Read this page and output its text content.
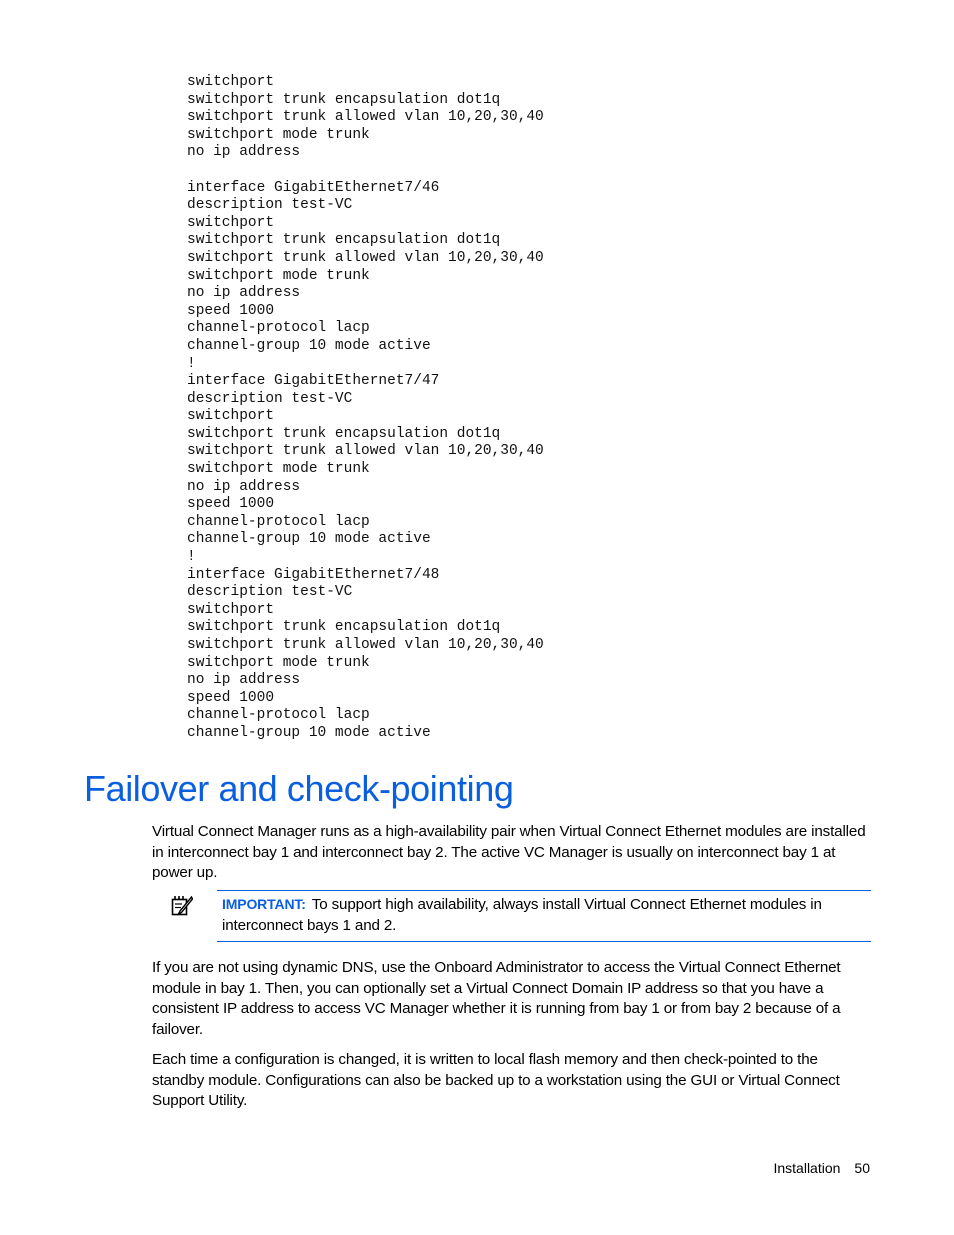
switchport
switchport trunk encapsulation dot1q
switchport trunk allowed vlan 10,20,30,40
switchport mode trunk
no ip address
interface GigabitEthernet7/46
description test-VC
switchport
switchport trunk encapsulation dot1q
switchport trunk allowed vlan 10,20,30,40
switchport mode trunk
no ip address
speed 1000
channel-protocol lacp
channel-group 10 mode active
!
interface GigabitEthernet7/47
description test-VC
switchport
switchport trunk encapsulation dot1q
switchport trunk allowed vlan 10,20,30,40
switchport mode trunk
no ip address
speed 1000
channel-protocol lacp
channel-group 10 mode active
!
interface GigabitEthernet7/48
description test-VC
switchport
switchport trunk encapsulation dot1q
switchport trunk allowed vlan 10,20,30,40
switchport mode trunk
no ip address
speed 1000
channel-protocol lacp
channel-group 10 mode active
Failover and check-pointing

Virtual Connect Manager runs as a high-availability pair when Virtual Connect Ethernet modules are installed in interconnect bay 1 and interconnect bay 2. The active VC Manager is usually on interconnect bay 1 at power up.

IMPORTANT: To support high availability, always install Virtual Connect Ethernet modules in interconnect bays 1 and 2.

If you are not using dynamic DNS, use the Onboard Administrator to access the Virtual Connect Ethernet module in bay 1. Then, you can optionally set a Virtual Connect Domain IP address so that you have a consistent IP address to access VC Manager whether it is running from bay 1 or from bay 2 because of a failover.

Each time a configuration is changed, it is written to local flash memory and then check-pointed to the standby module. Configurations can also be backed up to a workstation using the GUI or Virtual Connect Support Utility.

Installation 50
